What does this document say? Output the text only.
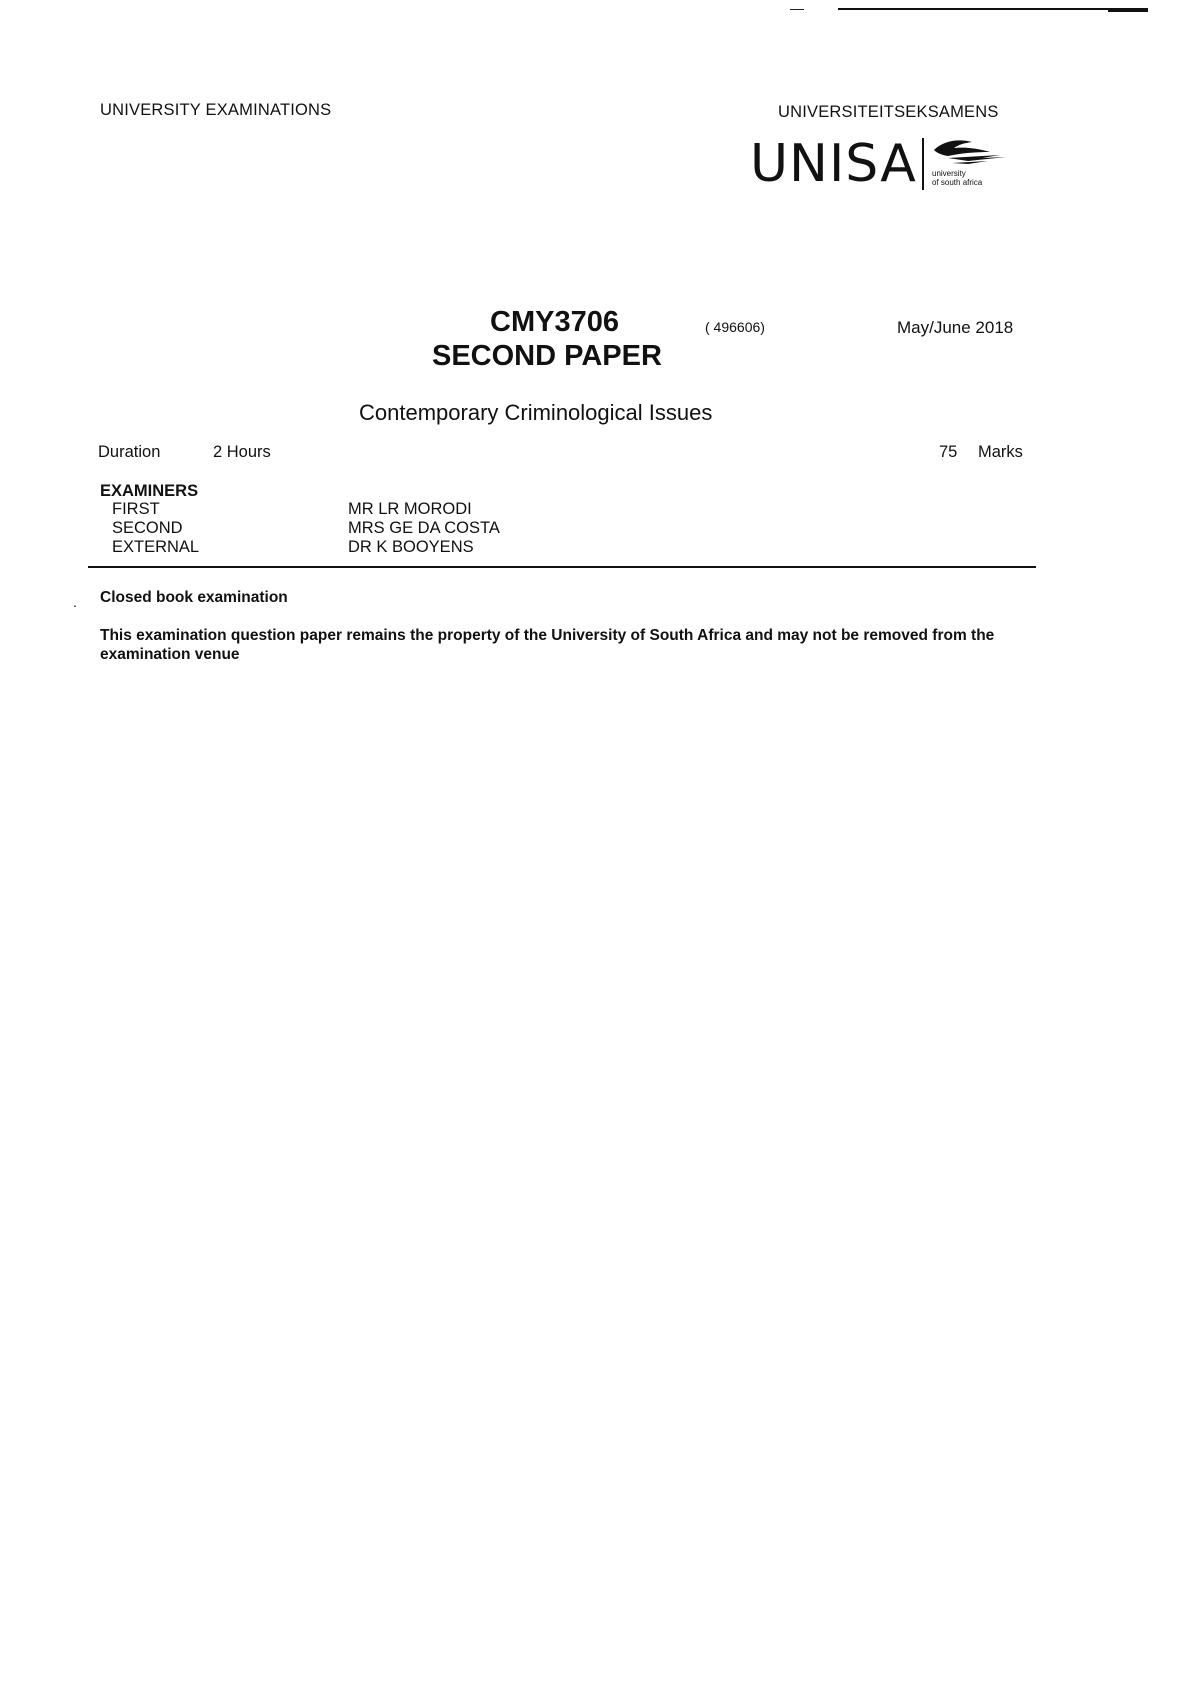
UNIVERSITY EXAMINATIONS	UNIVERSITEITSEKSAMENS
UNISA university
of south africa
CMY3706	( 496606)	May/June 2018
SECOND PAPER
Contemporary Criminological Issues
Duration	2 Hours	75 Marks
EXAMINERS
FIRST	MR LR MORODI
SECOND	MRS GE DA COSTA
EXTERNAL	DR K BOOYENS
. Closed book examination
This examination question paper remains the property of the University of South Africa and may not be removed from the examination venue
